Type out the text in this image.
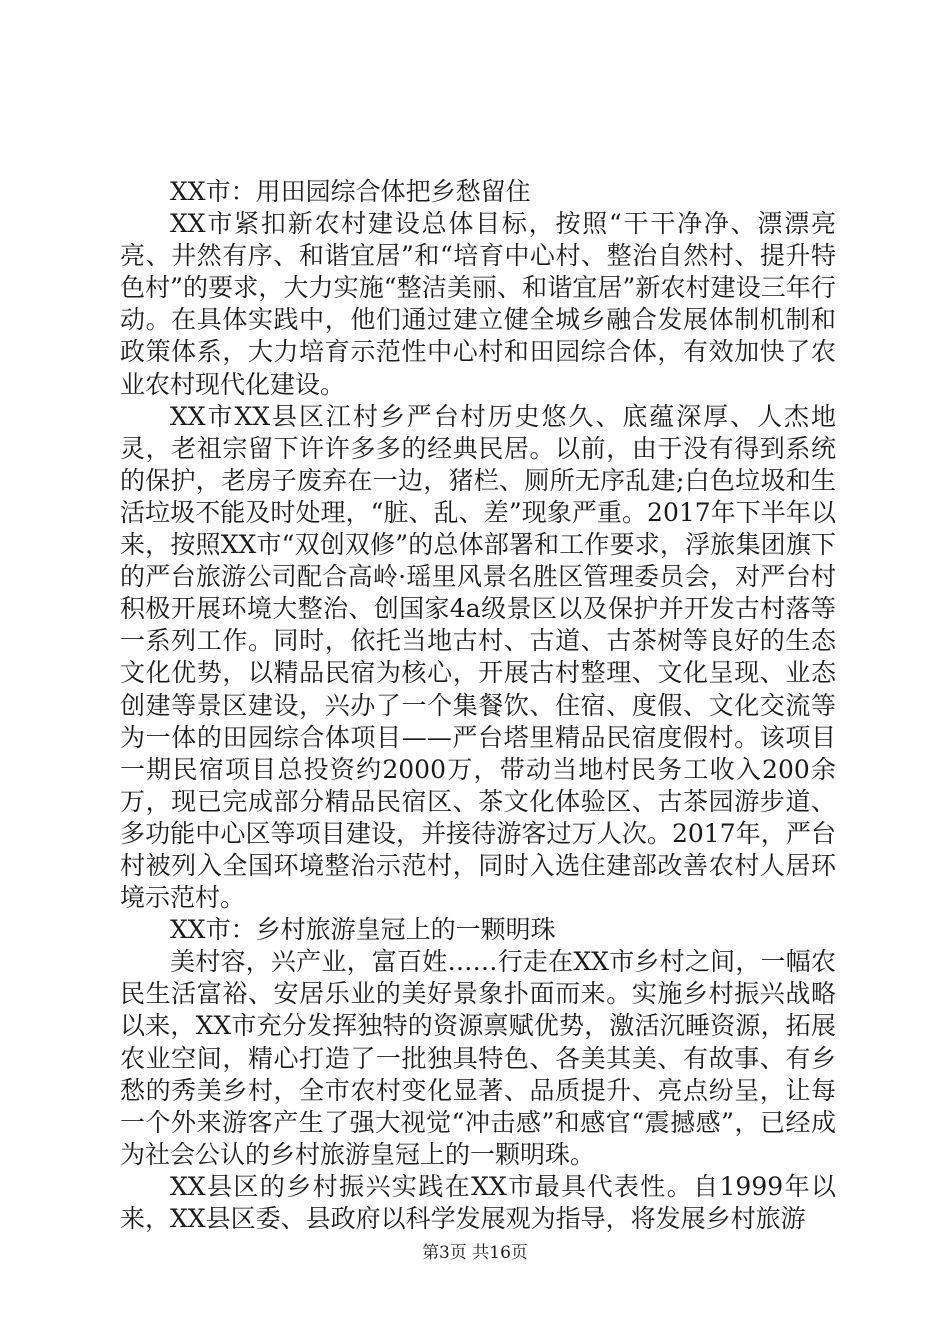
XX市：用田园综合体把乡愁留住

XX市紧扣新农村建设总体目标，按照“干干净净、漂漂亮亮、井然有序、和谐宜居”和“培育中心村、整治自然村、提升特色村”的要求，大力实施“整洁美丽、和谐宜居”新农村建设三年行动。在具体实践中，他们通过建立健全城乡融合发展体制机制和政策体系，大力培育示范性中心村和田园综合体，有效加快了农业农村现代化建设。

XX市XX县区江村乡严台村历史悠久、底蕴深厚、人杰地灵，老祖宗留下许许多多的经典民居。以前，由于没有得到系统的保护，老房子废弃在一边，猪栏、厕所无序乱建;白色垃圾和生活垃圾不能及时处理，“脏、乱、差”现象严重。2017年下半年以来，按照XX市“双创双修”的总体部署和工作要求，浮旅集团旗下的严台旅游公司配合高岭·瑶里风景名胜区管理委员会，对严台村积极开展环境大整治、创国家4a级景区以及保护并开发古村落等一系列工作。同时，依托当地古村、古道、古茶树等良好的生态文化优势，以精品民宿为核心，开展古村整理、文化呈现、业态创建等景区建设，兴办了一个集餐饮、住宿、度假、文化交流等为一体的田园综合体项目——严台塔里精品民宿度假村。该项目一期民宿项目总投资约2000万，带动当地村民务工收入200余万，现已完成部分精品民宿区、茶文化体验区、古茶园游步道、多功能中心区等项目建设，并接待游客过万人次。2017年，严台村被列入全国环境整治示范村，同时入选住建部改善农村人居环境示范村。

XX市：乡村旅游皇冠上的一颗明珠

美村容，兴产业，富百姓……行走在XX市乡村之间，一幅农民生活富裕、安居乐业的美好景象扑面而来。实施乡村振兴战略以来，XX市充分发挥独特的资源禀赋优势，激活沉睡资源，拓展农业空间，精心打造了一批独具特色、各美其美、有故事、有乡愁的秀美乡村，全市农村变化显著、品质提升、亮点纷呈，让每一个外来游客产生了强大视觉“冲击感”和感官“震撼感”，已经成为社会公认的乡村旅游皇冠上的一颗明珠。

XX县区的乡村振兴实践在XX市最具代表性。自1999年以来，XX县区委、县政府以科学发展观为指导，将发展乡村旅游

第3页 共16页
